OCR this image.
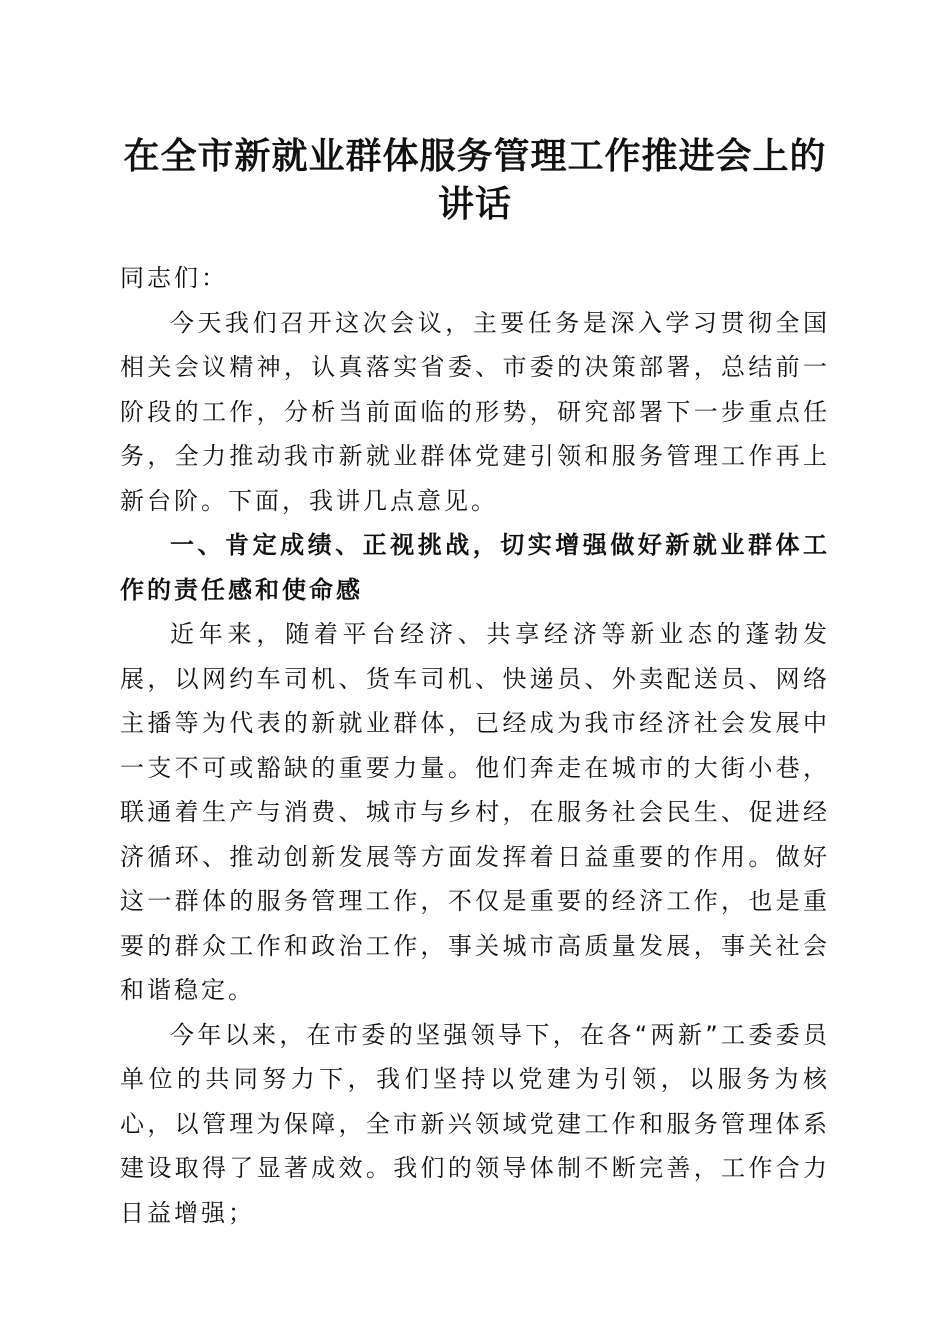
在全市新就业群体服务管理工作推进会上的讲话

同志们：

今天我们召开这次会议，主要任务是深入学习贯彻全国相关会议精神，认真落实省委、市委的决策部署，总结前一阶段的工作，分析当前面临的形势，研究部署下一步重点任务，全力推动我市新就业群体党建引领和服务管理工作再上新台阶。下面，我讲几点意见。

一、肯定成绩、正视挑战，切实增强做好新就业群体工作的责任感和使命感

近年来，随着平台经济、共享经济等新业态的蓬勃发展，以网约车司机、货车司机、快递员、外卖配送员、网络主播等为代表的新就业群体，已经成为我市经济社会发展中一支不可或豁缺的重要力量。他们奔走在城市的大街小巷，联通着生产与消费、城市与乡村，在服务社会民生、促进经济循环、推动创新发展等方面发挥着日益重要的作用。做好这一群体的服务管理工作，不仅是重要的经济工作，也是重要的群众工作和政治工作，事关城市高质量发展，事关社会和谐稳定。

今年以来，在市委的坚强领导下，在各“两新”工委委员单位的共同努力下，我们坚持以党建为引领，以服务为核心，以管理为保障，全市新兴领域党建工作和服务管理体系建设取得了显著成效。我们的领导体制不断完善，工作合力日益增强；
